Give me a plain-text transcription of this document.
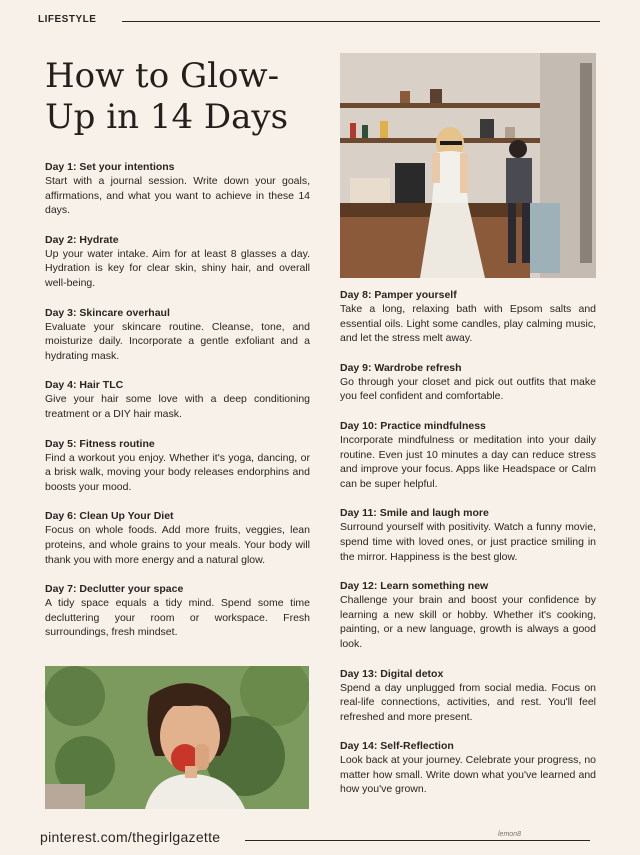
LIFESTYLE
How to Glow-Up in 14 Days
Day 1: Set your intentions

Start with a journal session. Write down your goals, affirmations, and what you want to achieve in these 14 days.

Day 2: Hydrate

Up your water intake. Aim for at least 8 glasses a day. Hydration is key for clear skin, shiny hair, and overall well-being.

Day 3: Skincare overhaul

Evaluate your skincare routine. Cleanse, tone, and moisturize daily. Incorporate a gentle exfoliant and a hydrating mask.

Day 4: Hair TLC

Give your hair some love with a deep conditioning treatment or a DIY hair mask.

Day 5: Fitness routine

Find a workout you enjoy. Whether it's yoga, dancing, or a brisk walk, moving your body releases endorphins and boosts your mood.

Day 6: Clean Up Your Diet

Focus on whole foods. Add more fruits, veggies, lean proteins, and whole grains to your meals. Your body will thank you with more energy and a natural glow.

Day 7: Declutter your space

A tidy space equals a tidy mind. Spend some time decluttering your room or workspace. Fresh surroundings, fresh mindset.

Day 8: Pamper yourself

Take a long, relaxing bath with Epsom salts and essential oils. Light some candles, play calming music, and let the stress melt away.

Day 9: Wardrobe refresh

Go through your closet and pick out outfits that make you feel confident and comfortable.

Day 10: Practice mindfulness

Incorporate mindfulness or meditation into your daily routine. Even just 10 minutes a day can reduce stress and improve your focus. Apps like Headspace or Calm can be super helpful.

Day 11: Smile and laugh more

Surround yourself with positivity. Watch a funny movie, spend time with loved ones, or just practice smiling in the mirror. Happiness is the best glow.

Day 12: Learn something new

Challenge your brain and boost your confidence by learning a new skill or hobby. Whether it's cooking, painting, or a new language, growth is always a good look.

Day 13: Digital detox

Spend a day unplugged from social media. Focus on real-life connections, activities, and rest. You'll feel refreshed and more present.

Day 14: Self-Reflection

Look back at your journey. Celebrate your progress, no matter how small. Write down what you've learned and how you've grown.

pinterest.com/thegirlgazette	lemon8
